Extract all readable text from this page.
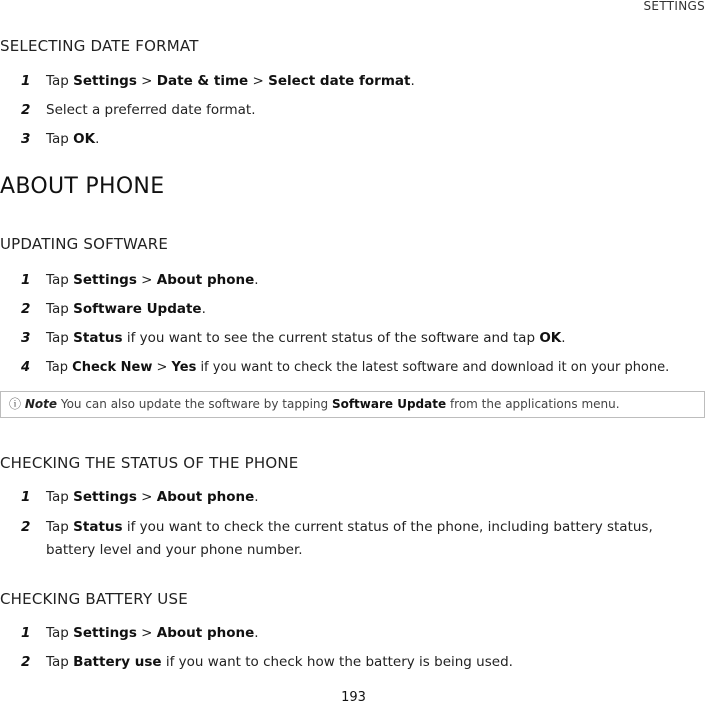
SETTINGS
SELECTING DATE FORMAT
1	Tap Settings > Date & time > Select date format.
2	Select a preferred date format.
3	Tap OK.
ABOUT PHONE
UPDATING SOFTWARE
1	Tap Settings > About phone.
2	Tap Software Update.
3	Tap Status if you want to see the current status of the software and tap OK.
4	Tap Check New > Yes if you want to check the latest software and download it on your phone.
ⓘ Note You can also update the software by tapping Software Update from the applications menu.
CHECKING THE STATUS OF THE PHONE
1	Tap Settings > About phone.
2	Tap Status if you want to check the current status of the phone, including battery status, battery level and your phone number.
CHECKING BATTERY USE
1	Tap Settings > About phone.
2	Tap Battery use if you want to check how the battery is being used.
193
